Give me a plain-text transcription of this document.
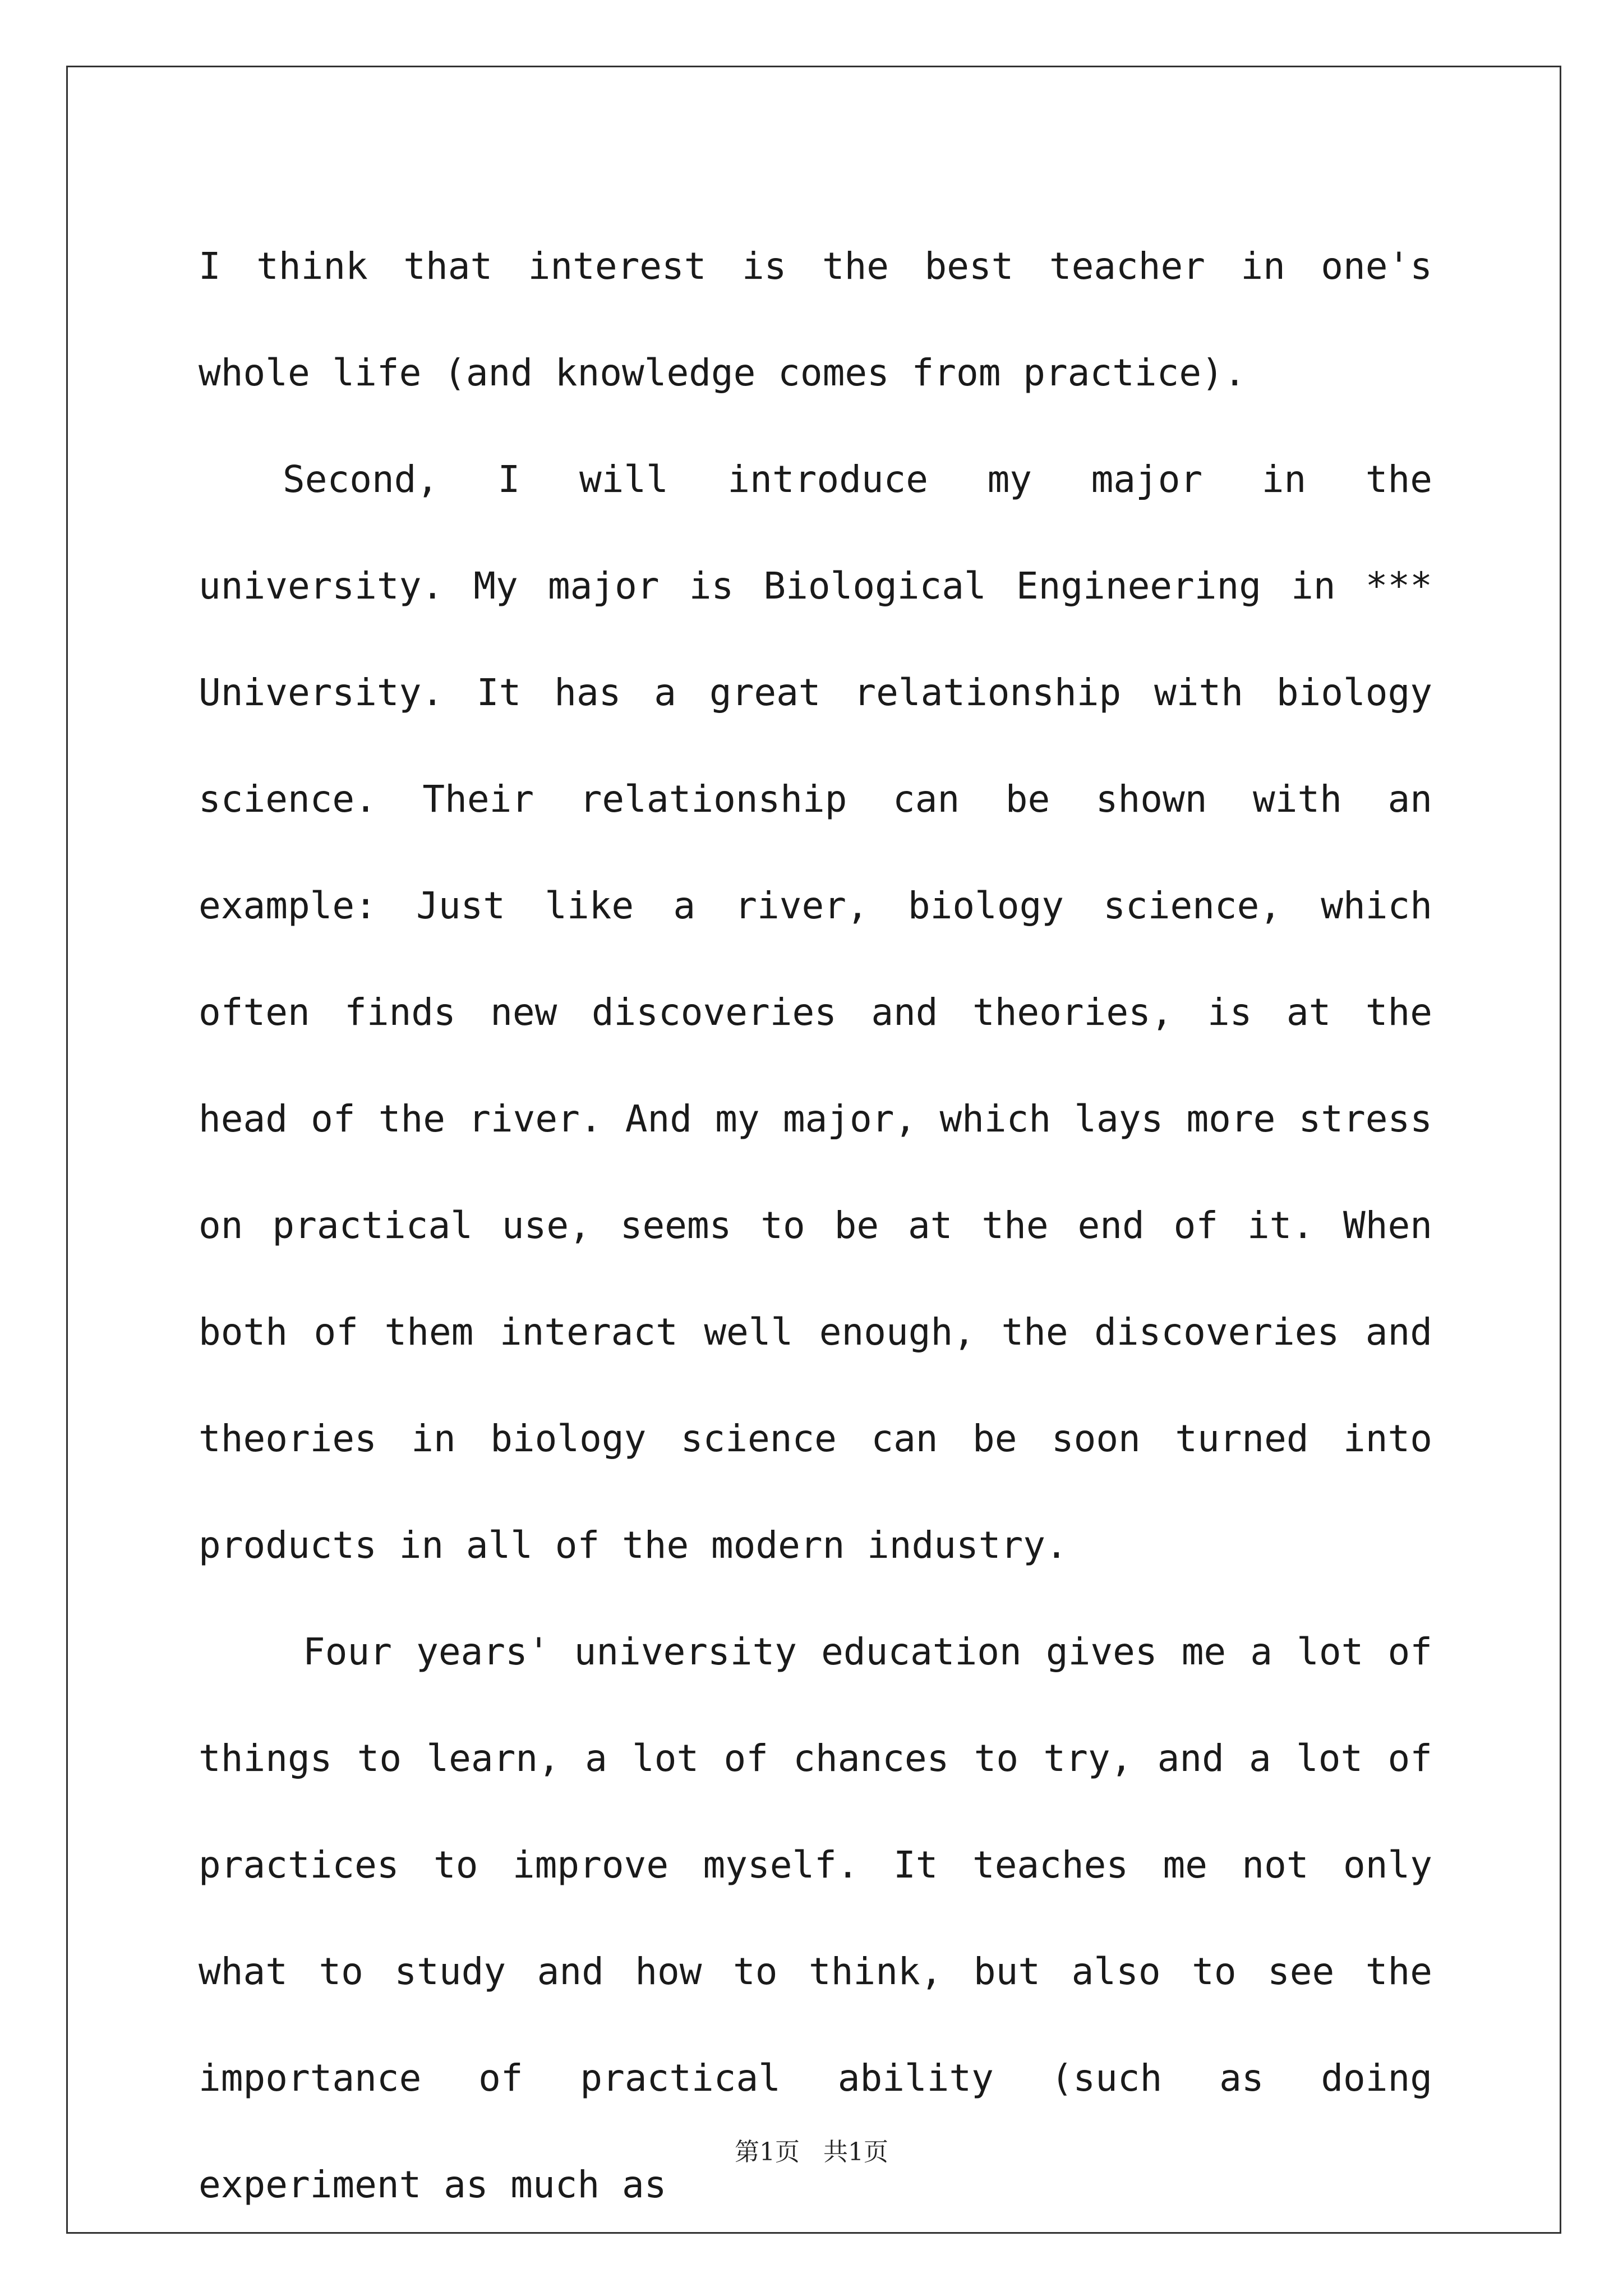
I think that interest is the best teacher in one's whole life (and knowledge comes from practice).

Second, I will introduce my major in the university. My major is Biological Engineering in *** University. It has a great relationship with biology science. Their relationship can be shown with an example: Just like a river, biology science, which often finds new discoveries and theories, is at the head of the river. And my major, which lays more stress on practical use, seems to be at the end of it. When both of them interact well enough, the discoveries and theories in biology science can be soon turned into products in all of the modern industry.

Four years' university education gives me a lot of things to learn, a lot of chances to try, and a lot of practices to improve myself. It teaches me not only what to study and how to think, but also to see the importance of practical ability (such as doing experiment as much as

第1页 共1页
